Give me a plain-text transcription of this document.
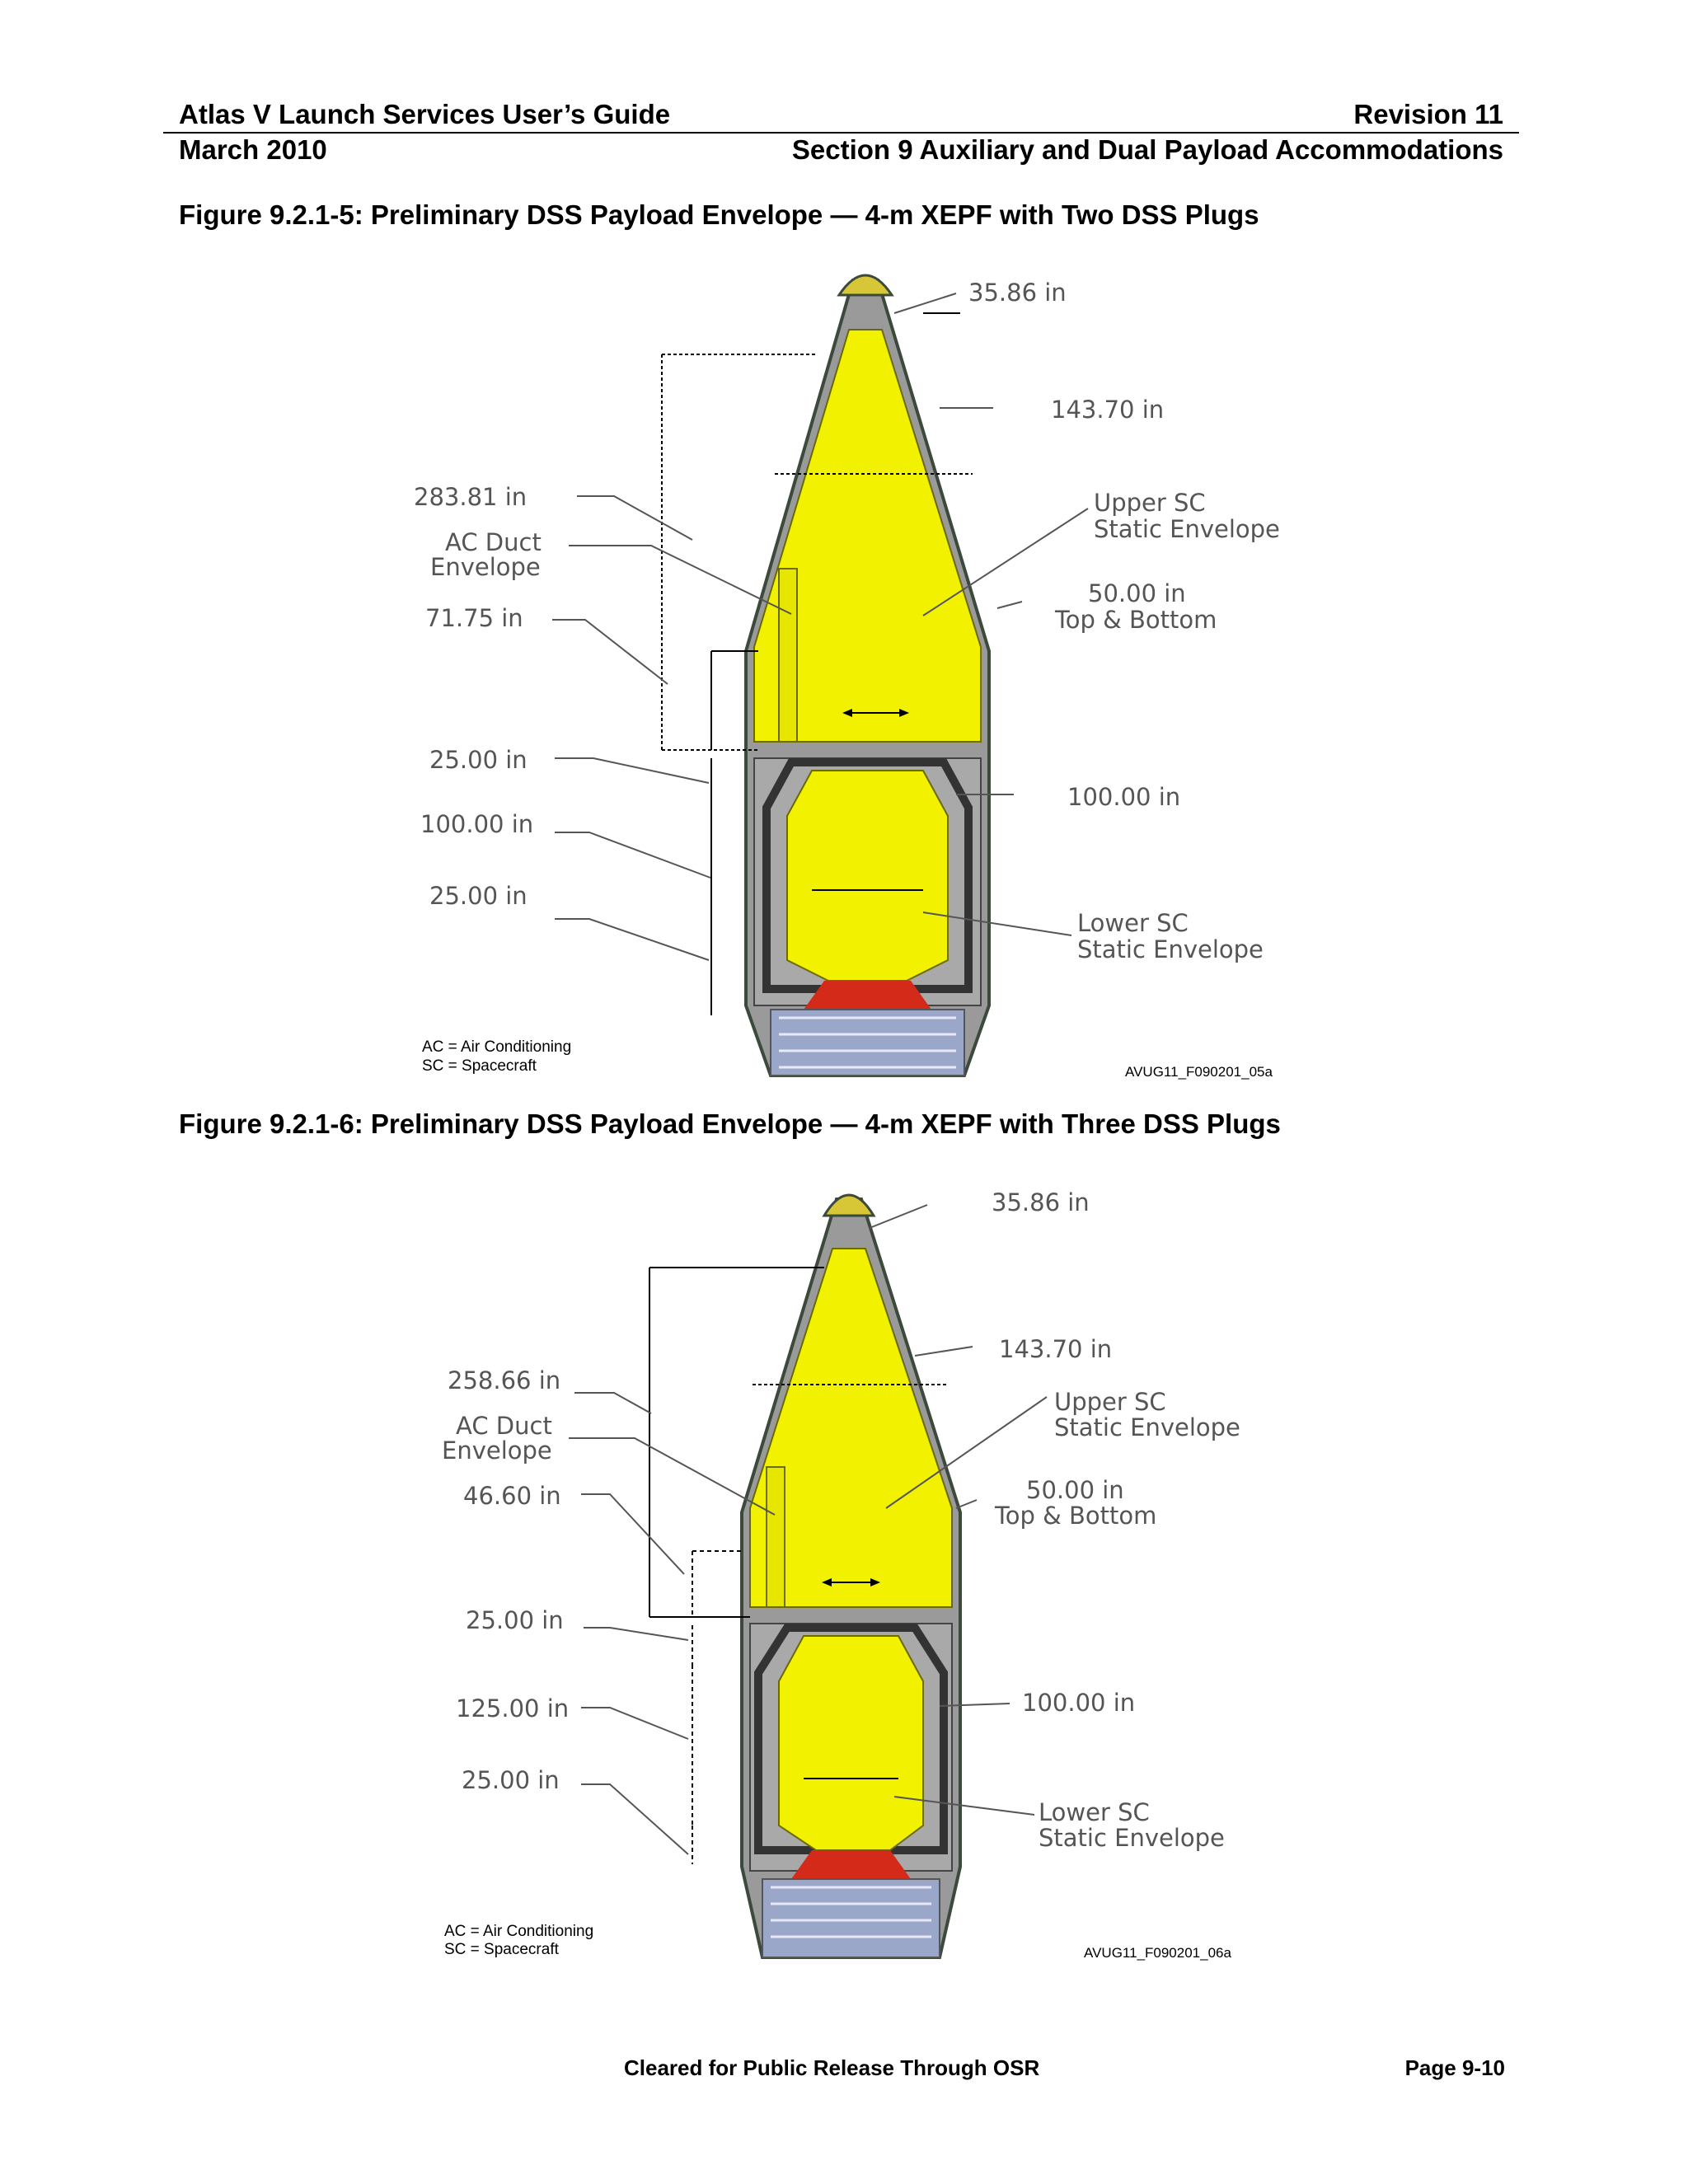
Atlas V Launch Services User’s Guide	Revision 11
March 2010	Section 9 Auxiliary and Dual Payload Accommodations
Figure 9.2.1-5: Preliminary DSS Payload Envelope — 4-m XEPF with Two DSS Plugs
Figure 9.2.1-6: Preliminary DSS Payload Envelope — 4-m XEPF with Three DSS Plugs
35.86 in
143.70 in
283.81 in
AC Duct
Envelope
Upper SC
Static Envelope
71.75 in
50.00 in
Top & Bottom
25.00 in
100.00 in
100.00 in
25.00 in
Lower SC
Static Envelope
AC = Air Conditioning
SC = Spacecraft	AVUG11_F090201_05a
35.86 in
143.70 in
258.66 in
AC Duct
Envelope
Upper SC
Static Envelope
46.60 in	50.00 in
Top & Bottom
25.00 in
125.00 in	100.00 in
25.00 in
Lower SC
Static Envelope
AC = Air Conditioning
SC = Spacecraft	AVUG11_F090201_06a
Cleared for Public Release Through OSR	Page 9-10
